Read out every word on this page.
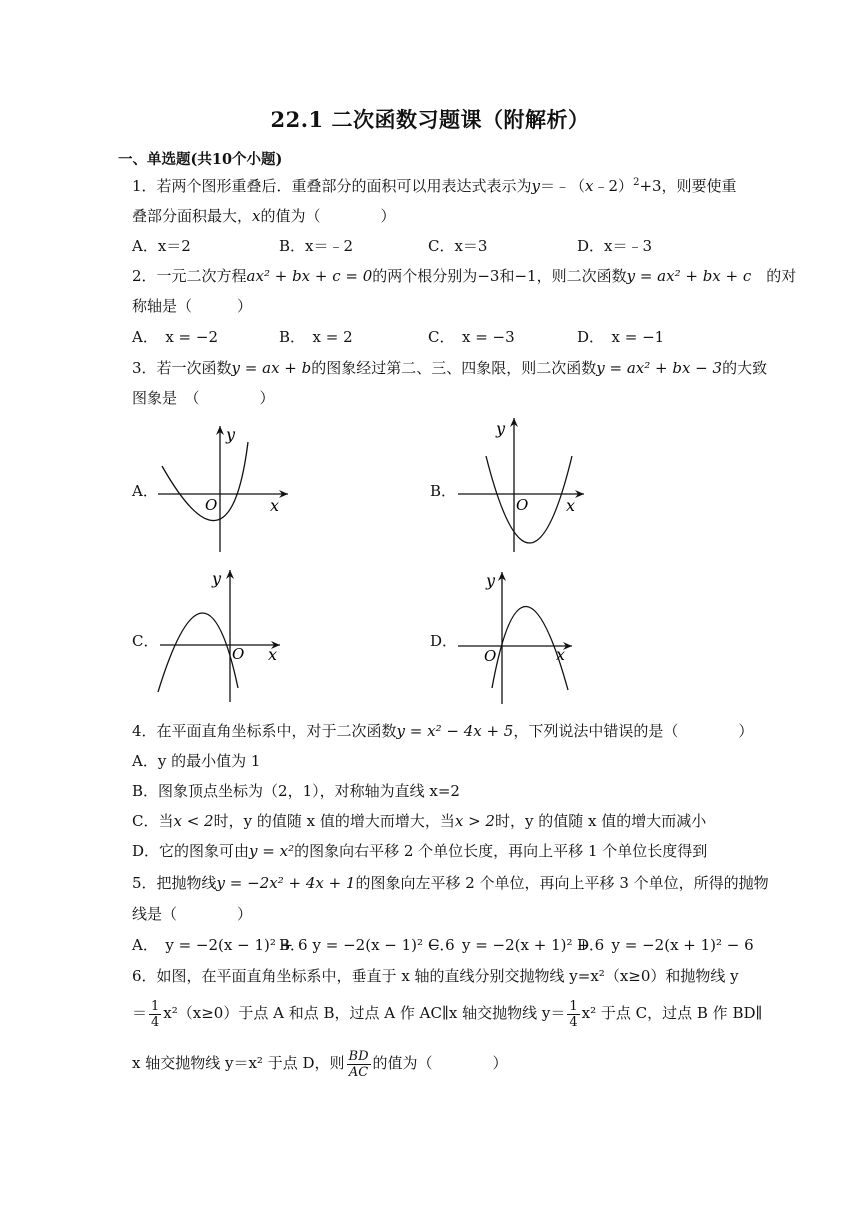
22.1 二次函数习题课（附解析）
一、单选题(共10个小题)
1．若两个图形重叠后．重叠部分的面积可以用表达式表示为y＝﹣（x﹣2）$^2$+3，则要使重
叠部分面积最大，x的值为（　　　　）
A．x＝2	B．x＝﹣2	C．x＝3	D．x＝﹣3
2．一元二次方程ax² + bx + c = 0的两个根分别为−3和−1，则二次函数y = ax² + bx + c　的对
称轴是（　　　）
A．　x = −2	B．　x = 2	C．　x = −3	D．　x = −1
3．若一次函数y = ax + b的图象经过第二、三、四象限，则二次函数y = ax² + bx − 3的大致
图象是　（　　　　）
A．	B．
C．	D．
y
x
O
y
x
O
y
x
O
y
x
O
4．在平面直角坐标系中，对于二次函数y = x² − 4x + 5，下列说法中错误的是（　　　　）
A．y 的最小值为 1
B．图象顶点坐标为（2，1），对称轴为直线 x=2
C．当x < 2时，y 的值随 x 值的增大而增大，当x > 2时，y 的值随 x 值的增大而减小
D．它的图象可由y = x²的图象向右平移 2 个单位长度，再向上平移 1 个单位长度得到
5．把抛物线y = −2x² + 4x + 1的图象向左平移 2 个单位，再向上平移 3 个单位，所得的抛物
线是（　　　　）
A．　y = −2(x − 1)² + 6
B．　y = −2(x − 1)² − 6
C．　y = −2(x + 1)² + 6
D．　y = −2(x + 1)² − 6
6．如图，在平面直角坐标系中，垂直于 x 轴的直线分别交抛物线 y=x²（x≥0）和抛物线 y
＝ $\frac{1}{4} x^2(x\ge 0)$于点 A 和点 B，过点 A 作 AC∥x 轴交抛物线 $y= \frac{1}{4} x^2$ 于点 C，过点 B 作 BD∥
x 轴交抛物线 y＝x² 于点 D，则 $\frac{BD}{AC}$ 的值为（　　　　）
